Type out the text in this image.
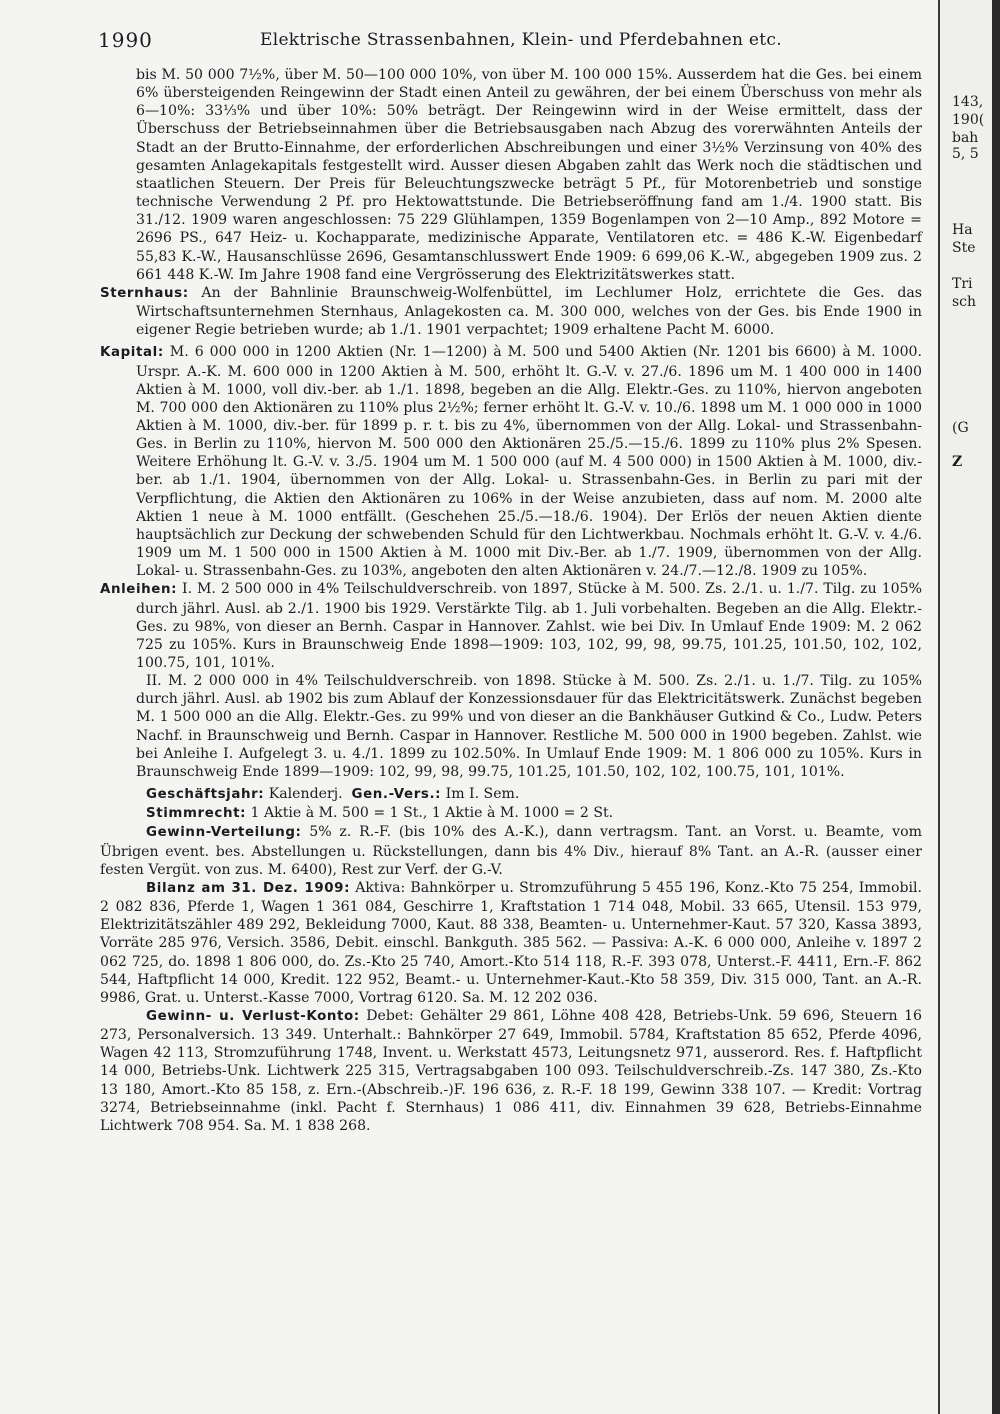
143,
190(
bah
5, 5
Ha
Ste
Tri
sch
(G
Z
1990	Elektrische Strassenbahnen, Klein- und Pferdebahnen etc.

bis M. 50 000 7½%, über M. 50—100 000 10%, von über M. 100 000 15%. Ausserdem hat die Ges. bei einem 6% übersteigenden Reingewinn der Stadt einen Anteil zu gewähren, der bei einem Überschuss von mehr als 6—10%: 33⅓% und über 10%: 50% beträgt. Der Reingewinn wird in der Weise ermittelt, dass der Überschuss der Betriebseinnahmen über die Betriebsausgaben nach Abzug des vorerwähnten Anteils der Stadt an der Brutto-Einnahme, der erforderlichen Abschreibungen und einer 3½% Verzinsung von 40% des gesamten Anlagekapitals festgestellt wird. Ausser diesen Abgaben zahlt das Werk noch die städtischen und staatlichen Steuern. Der Preis für Beleuchtungszwecke beträgt 5 Pf., für Motorenbetrieb und sonstige technische Verwendung 2 Pf. pro Hektowattstunde. Die Betriebseröffnung fand am 1./4. 1900 statt. Bis 31./12. 1909 waren angeschlossen: 75 229 Glühlampen, 1359 Bogenlampen von 2—10 Amp., 892 Motore = 2696 PS., 647 Heiz- u. Kochapparate, medizinische Apparate, Ventilatoren etc. = 486 K.-W. Eigenbedarf 55,83 K.-W., Hausanschlüsse 2696, Gesamtanschlusswert Ende 1909: 6 699,06 K.-W., abgegeben 1909 zus. 2 661 448 K.-W. Im Jahre 1908 fand eine Vergrösserung des Elektrizitätswerkes statt.

Sternhaus: An der Bahnlinie Braunschweig-Wolfenbüttel, im Lechlumer Holz, errichtete die Ges. das Wirtschaftsunternehmen Sternhaus, Anlagekosten ca. M. 300 000, welches von der Ges. bis Ende 1900 in eigener Regie betrieben wurde; ab 1./1. 1901 verpachtet; 1909 erhaltene Pacht M. 6000.

Kapital: M. 6 000 000 in 1200 Aktien (Nr. 1—1200) à M. 500 und 5400 Aktien (Nr. 1201 bis 6600) à M. 1000. Urspr. A.-K. M. 600 000 in 1200 Aktien à M. 500, erhöht lt. G.-V. v. 27./6. 1896 um M. 1 400 000 in 1400 Aktien à M. 1000, voll div.-ber. ab 1./1. 1898, begeben an die Allg. Elektr.-Ges. zu 110%, hiervon angeboten M. 700 000 den Aktionären zu 110% plus 2½%; ferner erhöht lt. G.-V. v. 10./6. 1898 um M. 1 000 000 in 1000 Aktien à M. 1000, div.-ber. für 1899 p. r. t. bis zu 4%, übernommen von der Allg. Lokal- und Strassenbahn-Ges. in Berlin zu 110%, hiervon M. 500 000 den Aktionären 25./5.—15./6. 1899 zu 110% plus 2% Spesen. Weitere Erhöhung lt. G.-V. v. 3./5. 1904 um M. 1 500 000 (auf M. 4 500 000) in 1500 Aktien à M. 1000, div.-ber. ab 1./1. 1904, übernommen von der Allg. Lokal- u. Strassenbahn-Ges. in Berlin zu pari mit der Verpflichtung, die Aktien den Aktionären zu 106% in der Weise anzubieten, dass auf nom. M. 2000 alte Aktien 1 neue à M. 1000 entfällt. (Geschehen 25./5.—18./6. 1904). Der Erlös der neuen Aktien diente hauptsächlich zur Deckung der schwebenden Schuld für den Lichtwerkbau. Nochmals erhöht lt. G.-V. v. 4./6. 1909 um M. 1 500 000 in 1500 Aktien à M. 1000 mit Div.-Ber. ab 1./7. 1909, übernommen von der Allg. Lokal- u. Strassenbahn-Ges. zu 103%, angeboten den alten Aktionären v. 24./7.—12./8. 1909 zu 105%.

Anleihen: I. M. 2 500 000 in 4% Teilschuldverschreib. von 1897, Stücke à M. 500. Zs. 2./1. u. 1./7. Tilg. zu 105% durch jährl. Ausl. ab 2./1. 1900 bis 1929. Verstärkte Tilg. ab 1. Juli vorbehalten. Begeben an die Allg. Elektr.-Ges. zu 98%, von dieser an Bernh. Caspar in Hannover. Zahlst. wie bei Div. In Umlauf Ende 1909: M. 2 062 725 zu 105%. Kurs in Braunschweig Ende 1898—1909: 103, 102, 99, 98, 99.75, 101.25, 101.50, 102, 102, 100.75, 101, 101%.

II. M. 2 000 000 in 4% Teilschuldverschreib. von 1898. Stücke à M. 500. Zs. 2./1. u. 1./7. Tilg. zu 105% durch jährl. Ausl. ab 1902 bis zum Ablauf der Konzessionsdauer für das Elektricitätswerk. Zunächst begeben M. 1 500 000 an die Allg. Elektr.-Ges. zu 99% und von dieser an die Bankhäuser Gutkind & Co., Ludw. Peters Nachf. in Braunschweig und Bernh. Caspar in Hannover. Restliche M. 500 000 in 1900 begeben. Zahlst. wie bei Anleihe I. Aufgelegt 3. u. 4./1. 1899 zu 102.50%. In Umlauf Ende 1909: M. 1 806 000 zu 105%. Kurs in Braunschweig Ende 1899—1909: 102, 99, 98, 99.75, 101.25, 101.50, 102, 102, 100.75, 101, 101%.

Geschäftsjahr: Kalenderj. Gen.-Vers.: Im I. Sem.

Stimmrecht: 1 Aktie à M. 500 = 1 St., 1 Aktie à M. 1000 = 2 St.

Gewinn-Verteilung: 5% z. R.-F. (bis 10% des A.-K.), dann vertragsm. Tant. an Vorst. u. Beamte, vom Übrigen event. bes. Abstellungen u. Rückstellungen, dann bis 4% Div., hierauf 8% Tant. an A.-R. (ausser einer festen Vergüt. von zus. M. 6400), Rest zur Verf. der G.-V.

Bilanz am 31. Dez. 1909: Aktiva: Bahnkörper u. Stromzuführung 5 455 196, Konz.-Kto 75 254, Immobil. 2 082 836, Pferde 1, Wagen 1 361 084, Geschirre 1, Kraftstation 1 714 048, Mobil. 33 665, Utensil. 153 979, Elektrizitätszähler 489 292, Bekleidung 7000, Kaut. 88 338, Beamten- u. Unternehmer-Kaut. 57 320, Kassa 3893, Vorräte 285 976, Versich. 3586, Debit. einschl. Bankguth. 385 562. — Passiva: A.-K. 6 000 000, Anleihe v. 1897 2 062 725, do. 1898 1 806 000, do. Zs.-Kto 25 740, Amort.-Kto 514 118, R.-F. 393 078, Unterst.-F. 4411, Ern.-F. 862 544, Haftpflicht 14 000, Kredit. 122 952, Beamt.- u. Unternehmer-Kaut.-Kto 58 359, Div. 315 000, Tant. an A.-R. 9986, Grat. u. Unterst.-Kasse 7000, Vortrag 6120. Sa. M. 12 202 036.

Gewinn- u. Verlust-Konto: Debet: Gehälter 29 861, Löhne 408 428, Betriebs-Unk. 59 696, Steuern 16 273, Personalversich. 13 349. Unterhalt.: Bahnkörper 27 649, Immobil. 5784, Kraftstation 85 652, Pferde 4096, Wagen 42 113, Stromzuführung 1748, Invent. u. Werkstatt 4573, Leitungsnetz 971, ausserord. Res. f. Haftpflicht 14 000, Betriebs-Unk. Lichtwerk 225 315, Vertragsabgaben 100 093. Teilschuldverschreib.-Zs. 147 380, Zs.-Kto 13 180, Amort.-Kto 85 158, z. Ern.-(Abschreib.-)F. 196 636, z. R.-F. 18 199, Gewinn 338 107. — Kredit: Vortrag 3274, Betriebseinnahme (inkl. Pacht f. Sternhaus) 1 086 411, div. Einnahmen 39 628, Betriebs-Einnahme Lichtwerk 708 954. Sa. M. 1 838 268.
